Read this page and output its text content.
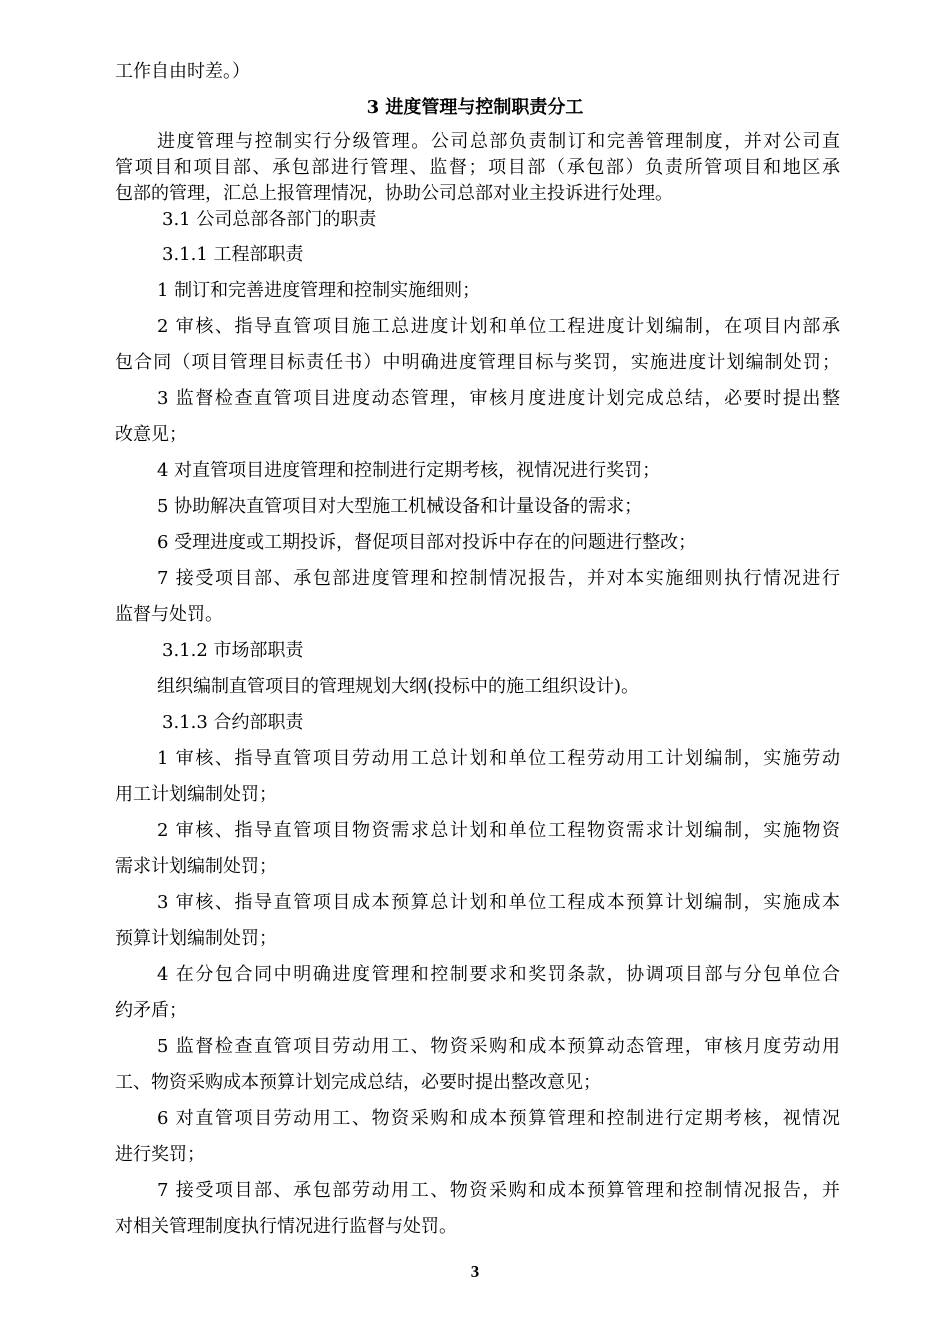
工作自由时差。）
3 进度管理与控制职责分工
进度管理与控制实行分级管理。公司总部负责制订和完善管理制度，并对公司直
管项目和项目部、承包部进行管理、监督；项目部（承包部）负责所管项目和地区承
包部的管理，汇总上报管理情况，协助公司总部对业主投诉进行处理。
3.1 公司总部各部门的职责
3.1.1 工程部职责
1 制订和完善进度管理和控制实施细则；
2 审核、指导直管项目施工总进度计划和单位工程进度计划编制，在项目内部承
包合同（项目管理目标责任书）中明确进度管理目标与奖罚，实施进度计划编制处罚；
3 监督检查直管项目进度动态管理，审核月度进度计划完成总结，必要时提出整
改意见；
4 对直管项目进度管理和控制进行定期考核，视情况进行奖罚；
5 协助解决直管项目对大型施工机械设备和计量设备的需求；
6 受理进度或工期投诉，督促项目部对投诉中存在的问题进行整改；
7 接受项目部、承包部进度管理和控制情况报告，并对本实施细则执行情况进行
监督与处罚。
3.1.2 市场部职责
组织编制直管项目的管理规划大纲(投标中的施工组织设计)。
3.1.3 合约部职责
1 审核、指导直管项目劳动用工总计划和单位工程劳动用工计划编制，实施劳动
用工计划编制处罚；
2 审核、指导直管项目物资需求总计划和单位工程物资需求计划编制，实施物资
需求计划编制处罚；
3 审核、指导直管项目成本预算总计划和单位工程成本预算计划编制，实施成本
预算计划编制处罚；
4 在分包合同中明确进度管理和控制要求和奖罚条款，协调项目部与分包单位合
约矛盾；
5 监督检查直管项目劳动用工、物资采购和成本预算动态管理，审核月度劳动用
工、物资采购成本预算计划完成总结，必要时提出整改意见；
6 对直管项目劳动用工、物资采购和成本预算管理和控制进行定期考核，视情况
进行奖罚；
7 接受项目部、承包部劳动用工、物资采购和成本预算管理和控制情况报告，并
对相关管理制度执行情况进行监督与处罚。
3
